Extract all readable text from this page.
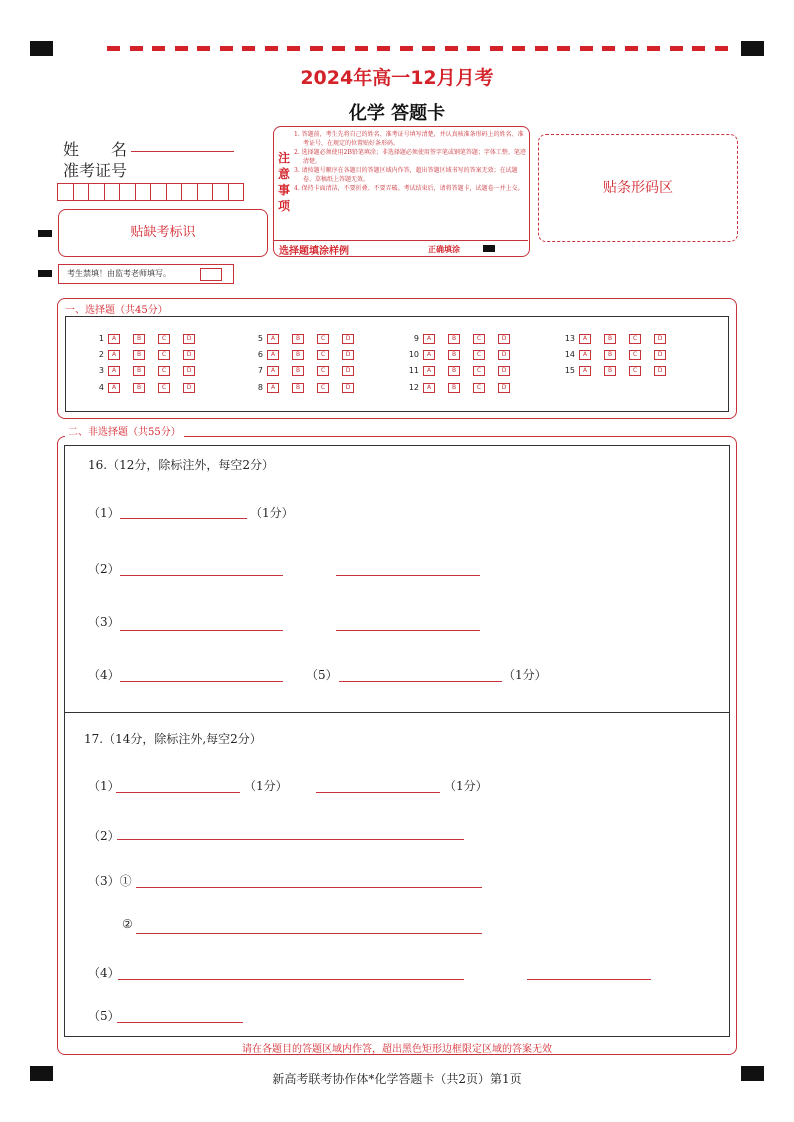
2024年高一12月月考
化学 答题卡
姓　　名
准考证号
贴缺考标识
考生禁填！由监考老师填写。
注
意
事
项
1. 答题前，考生先将自己的姓名、准考证号填写清楚，并认真核准条形码上的姓名、准考证号，在规定的位置贴好条形码。
2. 选择题必须使用2B铅笔填涂；非选择题必须使用签字笔或钢笔答题；字体工整、笔迹清楚。
3. 请按题号顺序在各题目的答题区域内作答，超出答题区域书写的答案无效；在试题卷、草稿纸上答题无效。
4. 保持卡面清洁，不要折叠、不要弄破。考试结束后，请将答题卡，试题卷一并上交。
选择题填涂样例	正确填涂
贴条形码区
一、选择题（共45分）
1 A	B	C	D
2 A	B	C	D
3 A	B	C	D
4 A	B	C	D
5 A	B	C	D
6 A	B	C	D
7 A	B	C	D
8 A	B	C	D
9 A	B	C	D
10 A	B	C	D
11 A	B	C	D
12 A	B	C	D
13 A	B	C	D
14 A	B	C	D
15 A	B	C	D
二、非选择题（共55分）
16.（12分，除标注外，每空2分）
（1）	（1分）
（2）
（3）
（4）	（5）	（1分）
17.（14分，除标注外,每空2分）
（1）	（1分）	（1分）
（2）
（3）①
②
（4）
（5）
请在各题目的答题区域内作答，超出黑色矩形边框限定区域的答案无效
新高考联考协作体*化学答题卡（共2页）第1页
